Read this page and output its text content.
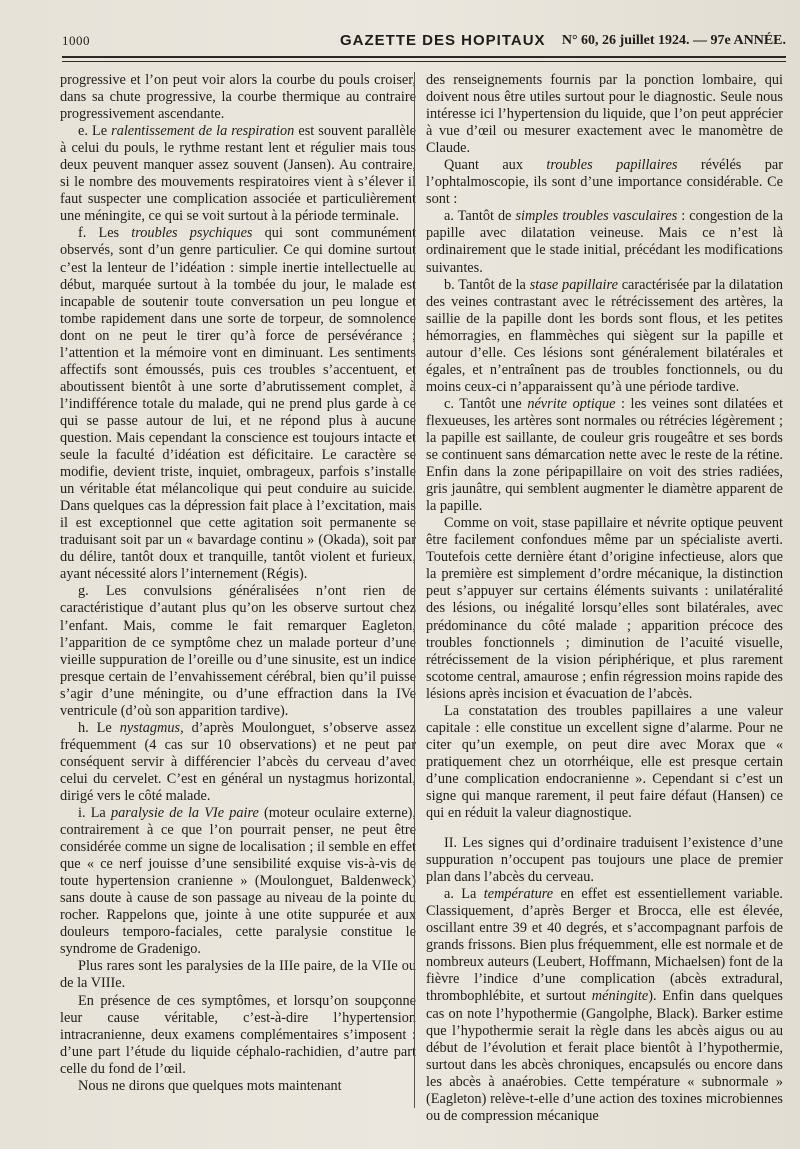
1000	GAZETTE DES HOPITAUX N° 60, 26 juillet 1924. — 97e ANNÉE.

progressive et l’on peut voir alors la courbe du pouls croiser, dans sa chute progressive, la courbe thermique au contraire progressivement ascendante.

e. Le ralentissement de la respiration est souvent parallèle à celui du pouls, le rythme restant lent et régulier mais tous deux peuvent manquer assez souvent (Jansen). Au contraire, si le nombre des mouvements respiratoires vient à s’élever il faut suspecter une complication associée et particulièrement une méningite, ce qui se voit surtout à la période terminale.

f. Les troubles psychiques qui sont communément observés, sont d’un genre particulier. Ce qui domine surtout c’est la lenteur de l’idéation : simple inertie intellectuelle au début, marquée surtout à la tombée du jour, le malade est incapable de soutenir toute conversation un peu longue et tombe rapidement dans une sorte de torpeur, de somnolence dont on ne peut le tirer qu’à force de persévérance ; l’attention et la mémoire vont en diminuant. Les sentiments affectifs sont émoussés, puis ces troubles s’accentuent, et aboutissent bientôt à une sorte d’abrutissement complet, à l’indifférence totale du malade, qui ne prend plus garde à ce qui se passe autour de lui, et ne répond plus à aucune question. Mais cependant la conscience est toujours intacte et seule la faculté d’idéation est déficitaire. Le caractère se modifie, devient triste, inquiet, ombrageux, parfois s’installe un véritable état mélancolique qui peut conduire au suicide. Dans quelques cas la dépression fait place à l’excitation, mais il est exceptionnel que cette agitation soit permanente se traduisant soit par un « bavardage continu » (Okada), soit par du délire, tantôt doux et tranquille, tantôt violent et furieux, ayant nécessité alors l’internement (Régis).

g. Les convulsions généralisées n’ont rien de caractéristique d’autant plus qu’on les observe surtout chez l’enfant. Mais, comme le fait remarquer Eagleton, l’apparition de ce symptôme chez un malade porteur d’une vieille suppuration de l’oreille ou d’une sinusite, est un indice presque certain de l’envahissement cérébral, bien qu’il puisse s’agir d’une méningite, ou d’une effraction dans la IVe ventricule (d’où son apparition tardive).

h. Le nystagmus, d’après Moulonguet, s’observe assez fréquemment (4 cas sur 10 observations) et ne peut par conséquent servir à différencier l’abcès du cerveau d’avec celui du cervelet. C’est en général un nystagmus horizontal, dirigé vers le côté malade.

i. La paralysie de la VIe paire (moteur oculaire externe), contrairement à ce que l’on pourrait penser, ne peut être considérée comme un signe de localisation ; il semble en effet que « ce nerf jouisse d’une sensibilité exquise vis-à-vis de toute hypertension cranienne » (Moulonguet, Baldenweck) sans doute à cause de son passage au niveau de la pointe du rocher. Rappelons que, jointe à une otite suppurée et aux douleurs temporo-faciales, cette paralysie constitue le syndrome de Gradenigo.

Plus rares sont les paralysies de la IIIe paire, de la VIIe ou de la VIIIe.

En présence de ces symptômes, et lorsqu’on soupçonne leur cause véritable, c’est-à-dire l’hypertension intracranienne, deux examens complémentaires s’imposent : d’une part l’étude du liquide céphalo-rachidien, d’autre part celle du fond de l’œil.

Nous ne dirons que quelques mots maintenant

des renseignements fournis par la ponction lombaire, qui doivent nous être utiles surtout pour le diagnostic. Seule nous intéresse ici l’hypertension du liquide, que l’on peut apprécier à vue d’œil ou mesurer exactement avec le manomètre de Claude.

Quant aux troubles papillaires révélés par l’ophtalmoscopie, ils sont d’une importance considérable. Ce sont :

a. Tantôt de simples troubles vasculaires : congestion de la papille avec dilatation veineuse. Mais ce n’est là ordinairement que le stade initial, précédant les modifications suivantes.

b. Tantôt de la stase papillaire caractérisée par la dilatation des veines contrastant avec le rétrécissement des artères, la saillie de la papille dont les bords sont flous, et les petites hémorragies, en flammèches qui siègent sur la papille et autour d’elle. Ces lésions sont généralement bilatérales et égales, et n’entraînent pas de troubles fonctionnels, ou du moins ceux-ci n’apparaissent qu’à une période tardive.

c. Tantôt une névrite optique : les veines sont dilatées et flexueuses, les artères sont normales ou rétrécies légèrement ; la papille est saillante, de couleur gris rougeâtre et ses bords se continuent sans démarcation nette avec le reste de la rétine. Enfin dans la zone péripapillaire on voit des stries radiées, gris jaunâtre, qui semblent augmenter le diamètre apparent de la papille.

Comme on voit, stase papillaire et névrite optique peuvent être facilement confondues même par un spécialiste averti. Toutefois cette dernière étant d’origine infectieuse, alors que la première est simplement d’ordre mécanique, la distinction peut s’appuyer sur certains éléments suivants : unilatéralité des lésions, ou inégalité lorsqu’elles sont bilatérales, avec prédominance du côté malade ; apparition précoce des troubles fonctionnels ; diminution de l’acuité visuelle, rétrécissement de la vision périphérique, et plus rarement scotome central, amaurose ; enfin régression moins rapide des lésions après incision et évacuation de l’abcès.

La constatation des troubles papillaires a une valeur capitale : elle constitue un excellent signe d’alarme. Pour ne citer qu’un exemple, on peut dire avec Morax que « pratiquement chez un otorrhéique, elle est presque certain d’une complication endocranienne ». Cependant si c’est un signe qui manque rarement, il peut faire défaut (Hansen) ce qui en réduit la valeur diagnostique.

II. Les signes qui d’ordinaire traduisent l’existence d’une suppuration n’occupent pas toujours une place de premier plan dans l’abcès du cerveau.

a. La température en effet est essentiellement variable. Classiquement, d’après Berger et Brocca, elle est élevée, oscillant entre 39 et 40 degrés, et s’accompagnant parfois de grands frissons. Bien plus fréquemment, elle est normale et de nombreux auteurs (Leubert, Hoffmann, Michaelsen) font de la fièvre l’indice d’une complication (abcès extradural, thrombophlébite, et surtout méningite). Enfin dans quelques cas on note l’hypothermie (Gangolphe, Black). Barker estime que l’hypothermie serait la règle dans les abcès aigus ou au début de l’évolution et ferait place bientôt à l’hypothermie, surtout dans les abcès chroniques, encapsulés ou encore dans les abcès à anaérobies. Cette température « subnormale » (Eagleton) relève-t-elle d’une action des toxines microbiennes ou de compression mécanique
